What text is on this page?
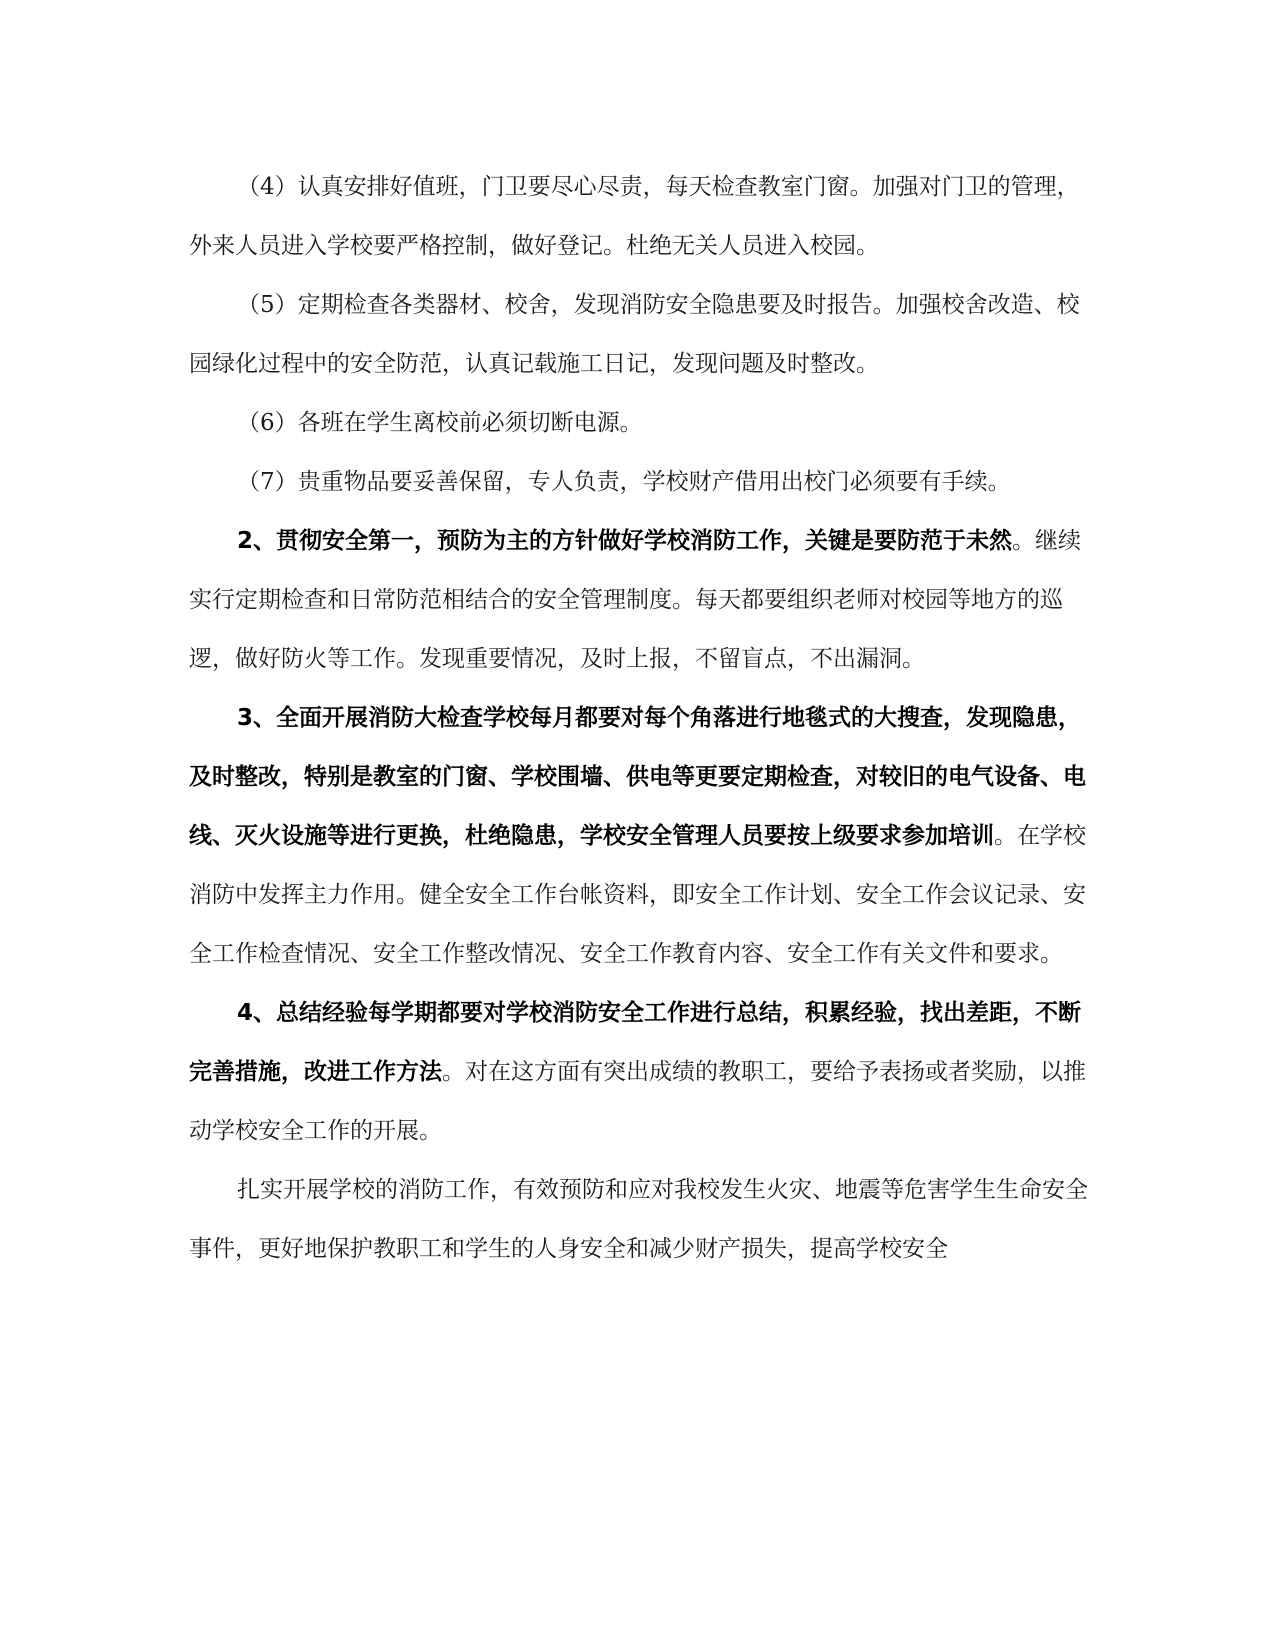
（4）认真安排好值班，门卫要尽心尽责，每天检查教室门窗。加强对门卫的管理，外来人员进入学校要严格控制，做好登记。杜绝无关人员进入校园。

（5）定期检查各类器材、校舍，发现消防安全隐患要及时报告。加强校舍改造、校园绿化过程中的安全防范，认真记载施工日记，发现问题及时整改。

（6）各班在学生离校前必须切断电源。

（7）贵重物品要妥善保留，专人负责，学校财产借用出校门必须要有手续。

2、贯彻安全第一，预防为主的方针做好学校消防工作，关键是要防范于未然。继续实行定期检查和日常防范相结合的安全管理制度。每天都要组织老师对校园等地方的巡逻，做好防火等工作。发现重要情况，及时上报，不留盲点，不出漏洞。

3、全面开展消防大检查学校每月都要对每个角落进行地毯式的大搜查，发现隐患，及时整改，特别是教室的门窗、学校围墙、供电等更要定期检查，对较旧的电气设备、电线、灭火设施等进行更换，杜绝隐患，学校安全管理人员要按上级要求参加培训。在学校消防中发挥主力作用。健全安全工作台帐资料，即安全工作计划、安全工作会议记录、安全工作检查情况、安全工作整改情况、安全工作教育内容、安全工作有关文件和要求。

4、总结经验每学期都要对学校消防安全工作进行总结，积累经验，找出差距，不断完善措施，改进工作方法。对在这方面有突出成绩的教职工，要给予表扬或者奖励，以推动学校安全工作的开展。

扎实开展学校的消防工作，有效预防和应对我校发生火灾、地震等危害学生生命安全事件，更好地保护教职工和学生的人身安全和减少财产损失，提高学校安全
